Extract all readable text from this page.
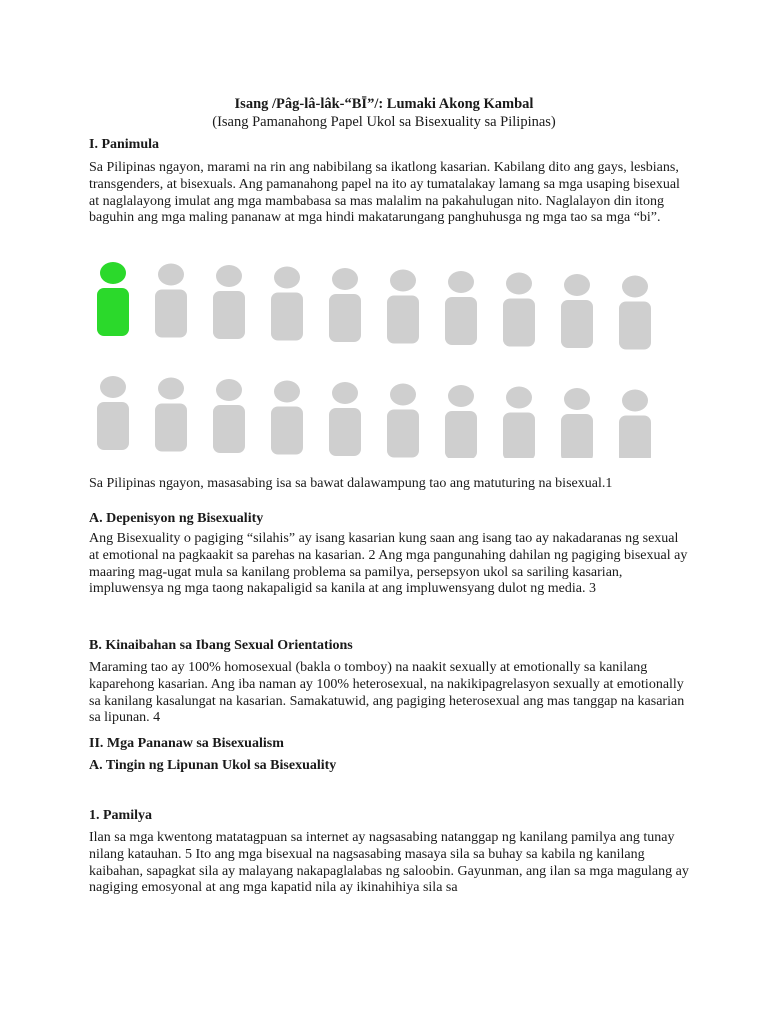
Isang /Pâg-lâ-lâk-“BĪ”/: Lumaki Akong Kambal
(Isang Pamanahong Papel Ukol sa Bisexuality sa Pilipinas)
I. Panimula

Sa Pilipinas ngayon, marami na rin ang nabibilang sa ikatlong kasarian. Kabilang dito ang gays, lesbians, transgenders, at bisexuals. Ang pamanahong papel na ito ay tumatalakay lamang sa mga usaping bisexual at naglalayong imulat ang mga mambabasa sa mas malalim na pakahulugan nito. Naglalayon din itong baguhin ang mga maling pananaw at mga hindi makatarungang panghuhusga ng mga tao sa mga “bi”.

Sa Pilipinas ngayon, masasabing isa sa bawat dalawampung tao ang matuturing na bisexual.1

A. Depenisyon ng Bisexuality

Ang Bisexuality o pagiging “silahis” ay isang kasarian kung saan ang isang tao ay nakadaranas ng sexual at emotional na pagkaakit sa parehas na kasarian. 2 Ang mga pangunahing dahilan ng pagiging bisexual ay maaring mag-ugat mula sa kanilang problema sa pamilya, persepsyon ukol sa sariling kasarian, impluwensya ng mga taong nakapaligid sa kanila at ang impluwensyang dulot ng media. 3

B. Kinaibahan sa Ibang Sexual Orientations

Maraming tao ay 100% homosexual (bakla o tomboy) na naakit sexually at emotionally sa kanilang kaparehong kasarian. Ang iba naman ay 100% heterosexual, na nakikipagrelasyon sexually at emotionally sa kanilang kasalungat na kasarian. Samakatuwid, ang pagiging heterosexual ang mas tanggap na kasarian sa lipunan. 4

II. Mga Pananaw sa Bisexualism
A. Tingin ng Lipunan Ukol sa Bisexuality
1. Pamilya

Ilan sa mga kwentong matatagpuan sa internet ay nagsasabing natanggap ng kanilang pamilya ang tunay nilang katauhan. 5 Ito ang mga bisexual na nagsasabing masaya sila sa buhay sa kabila ng kanilang kaibahan, sapagkat sila ay malayang nakapaglalabas ng saloobin. Gayunman, ang ilan sa mga magulang ay nagiging emosyonal at ang mga kapatid nila ay ikinahihiya sila sa
